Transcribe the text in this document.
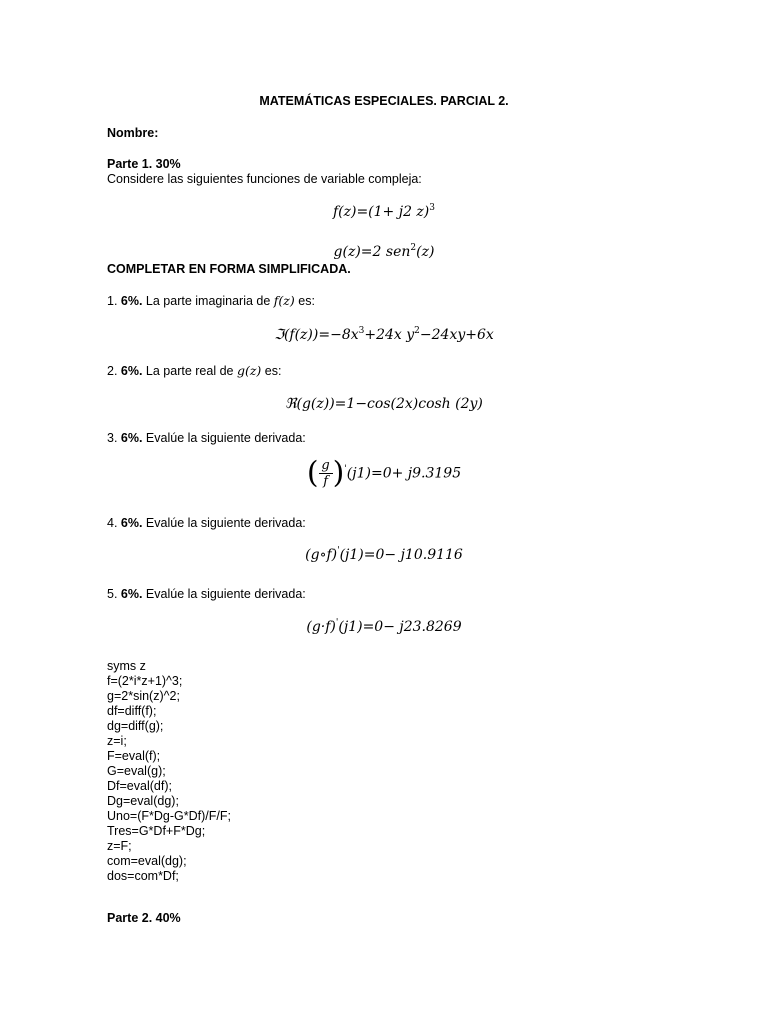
MATEMÁTICAS ESPECIALES. PARCIAL 2.
Nombre:
Parte 1. 30%
Considere las siguientes funciones de variable compleja:
f(z)=(1+ j2 z)$^3$
g(z)=2 sen$^2$(z)
COMPLETAR EN FORMA SIMPLIFICADA.
1. 6%. La parte imaginaria de f(z) es:
$ℑ(f(z))=-8x^3+24x$ $y^2-24xy+6x$
2. 6%. La parte real de g(z) es:
ℜ(g(z))=1−cos(2x)cosh (2y)
3. 6%. Evalúe la siguiente derivada:
( $\frac{g}{f} )'(j1)=0+ j9.3195$
4. 6%. Evalúe la siguiente derivada:
(g∘f)'(j1)=0− j10.9116
5. 6%. Evalúe la siguiente derivada:
(g·f)'(j1)=0− j23.8269
syms z
f=(2*i*z+1)^3;
g=2*sin(z)^2;
df=diff(f);
dg=diff(g);
z=i;
F=eval(f);
G=eval(g);
Df=eval(df);
Dg=eval(dg);
Uno=(F*Dg-G*Df)/F/F;
Tres=G*Df+F*Dg;
z=F;
com=eval(dg);
dos=com*Df;
Parte 2. 40%
